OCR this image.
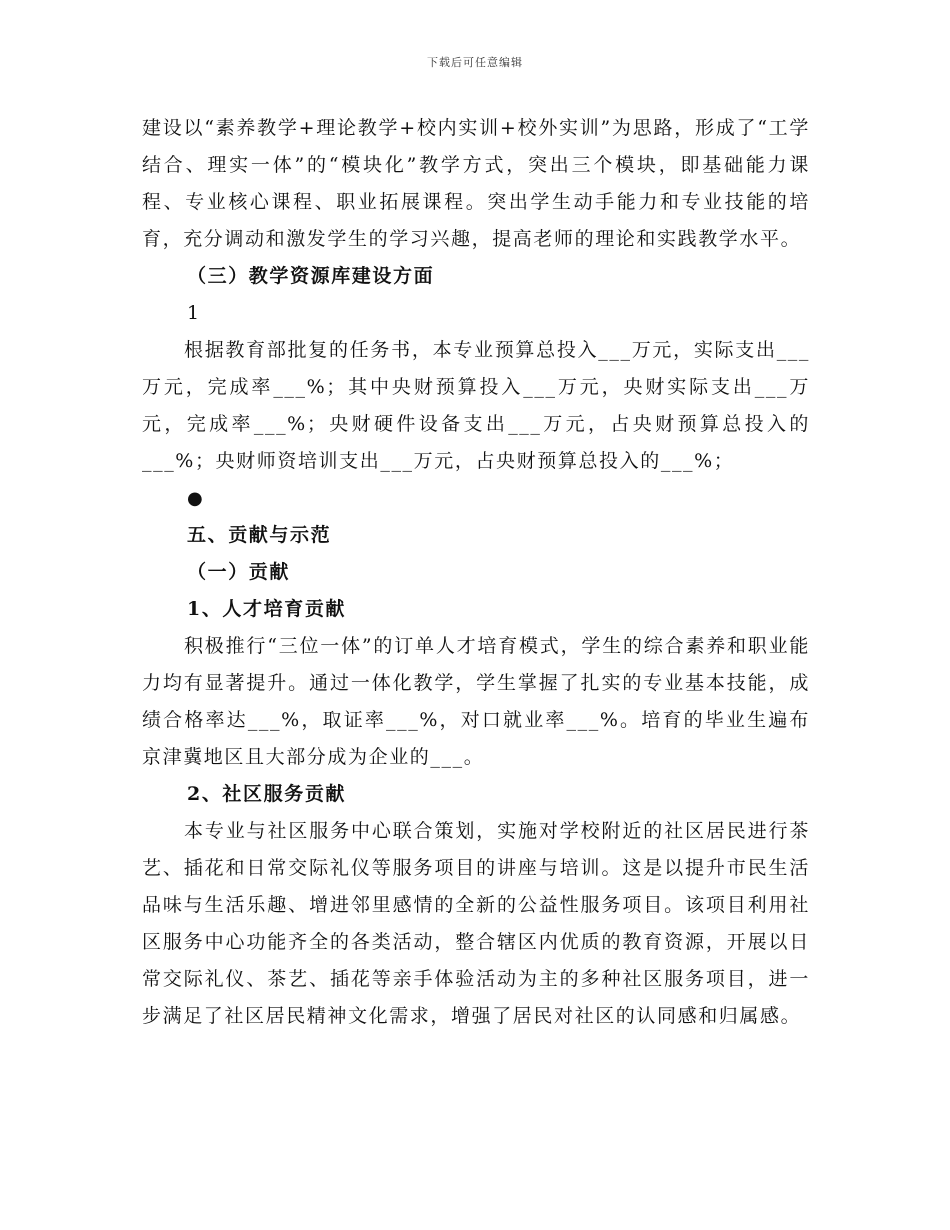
下载后可任意编辑

建设以“素养教学+理论教学+校内实训+校外实训”为思路，形成了“工学结合、理实一体”的“模块化”教学方式，突出三个模块，即基础能力课程、专业核心课程、职业拓展课程。突出学生动手能力和专业技能的培育，充分调动和激发学生的学习兴趣，提高老师的理论和实践教学水平。

（三）教学资源库建设方面

1

根据教育部批复的任务书，本专业预算总投入___万元，实际支出___万元，完成率___%；其中央财预算投入___万元，央财实际支出___万元，完成率___%；央财硬件设备支出___万元，占央财预算总投入的___%；央财师资培训支出___万元，占央财预算总投入的___%；

●

五、贡献与示范

（一）贡献

1、人才培育贡献

积极推行“三位一体”的订单人才培育模式，学生的综合素养和职业能力均有显著提升。通过一体化教学，学生掌握了扎实的专业基本技能，成绩合格率达___%，取证率___%，对口就业率___%。培育的毕业生遍布京津冀地区且大部分成为企业的___。

2、社区服务贡献

本专业与社区服务中心联合策划，实施对学校附近的社区居民进行茶艺、插花和日常交际礼仪等服务项目的讲座与培训。这是以提升市民生活品味与生活乐趣、增进邻里感情的全新的公益性服务项目。该项目利用社区服务中心功能齐全的各类活动，整合辖区内优质的教育资源，开展以日常交际礼仪、茶艺、插花等亲手体验活动为主的多种社区服务项目，进一步满足了社区居民精神文化需求，增强了居民对社区的认同感和归属感。
